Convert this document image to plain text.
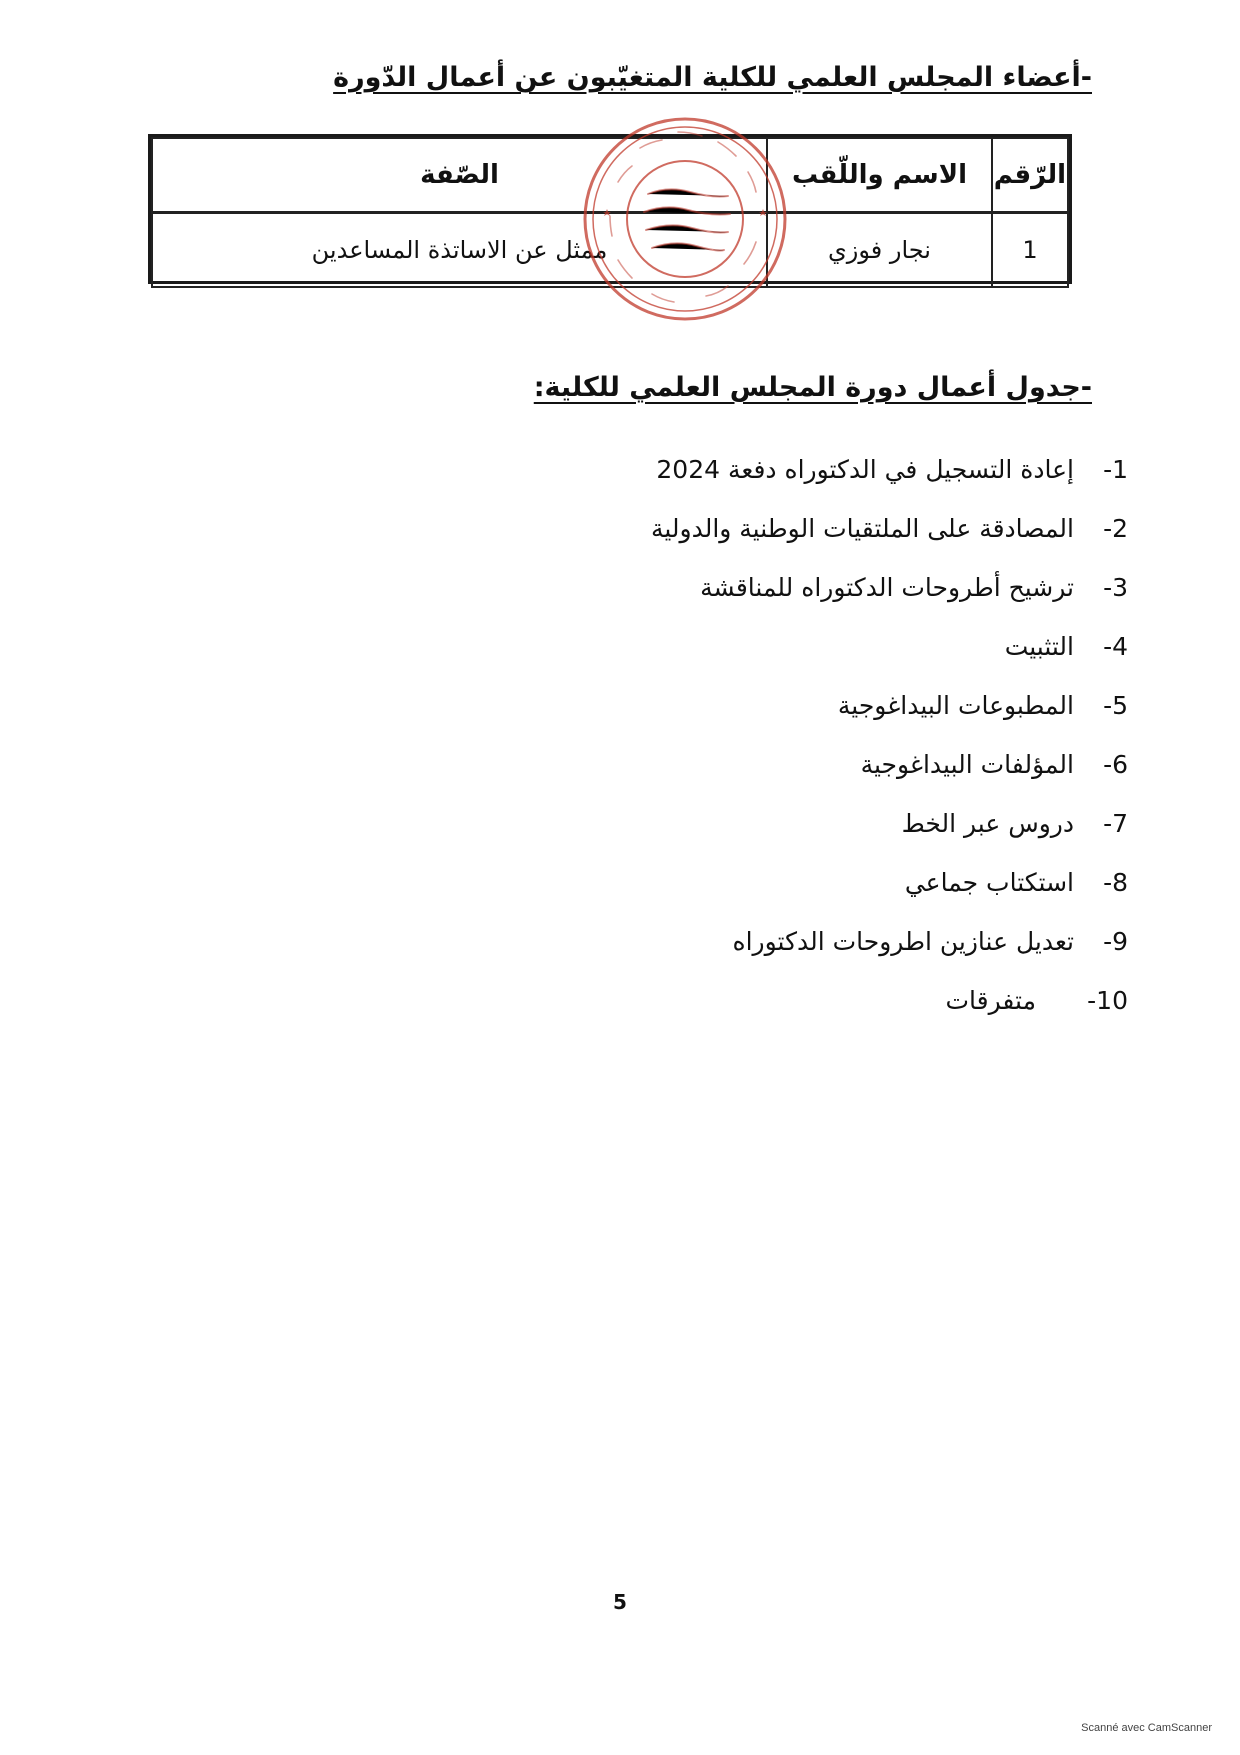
-أعضاء المجلس العلمي للكلية المتغيّبون عن أعمال الدّورة
الرّقم	الاسم واللّقب	الصّفة
1	نجار فوزي	ممثل عن الاساتذة المساعدين
-جدول أعمال دورة المجلس العلمي للكلية:
-1
إعادة التسجيل في الدكتوراه دفعة 2024
-2
المصادقة على الملتقيات الوطنية والدولية
-3
ترشيح أطروحات الدكتوراه للمناقشة
-4
التثبيت
-5
المطبوعات البيداغوجية
-6
المؤلفات البيداغوجية
-7
دروس عبر الخط
-8
استكتاب جماعي
-9
تعديل عنازين اطروحات الدكتوراه
-10
متفرقات
5
Scanné avec CamScanner
